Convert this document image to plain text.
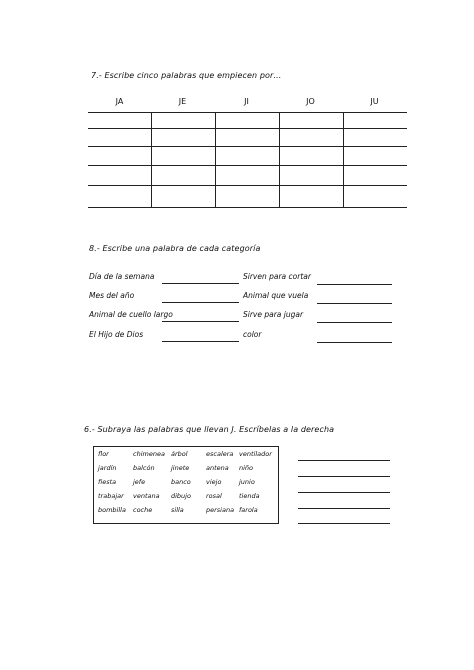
7.- Escribe cinco palabras que empiecen por…
JA	JE	JI	JO	JU
8.- Escribe una palabra de cada categoría
Día de la semana
Mes del año
Animal de cuello largo
El Hijo de Dios
Sirven para cortar
Animal que vuela
Sirve para jugar
color
6.- Subraya las palabras que llevan J. Escríbelas a la derecha
flor	chimenea árbol	escalera ventilador
jardín	balcón	jinete	antena niño
fiesta	jefe	banco viejo	junio
trabajar ventana dibujo rosal	tienda
bombilla coche	silla	persiana farola
